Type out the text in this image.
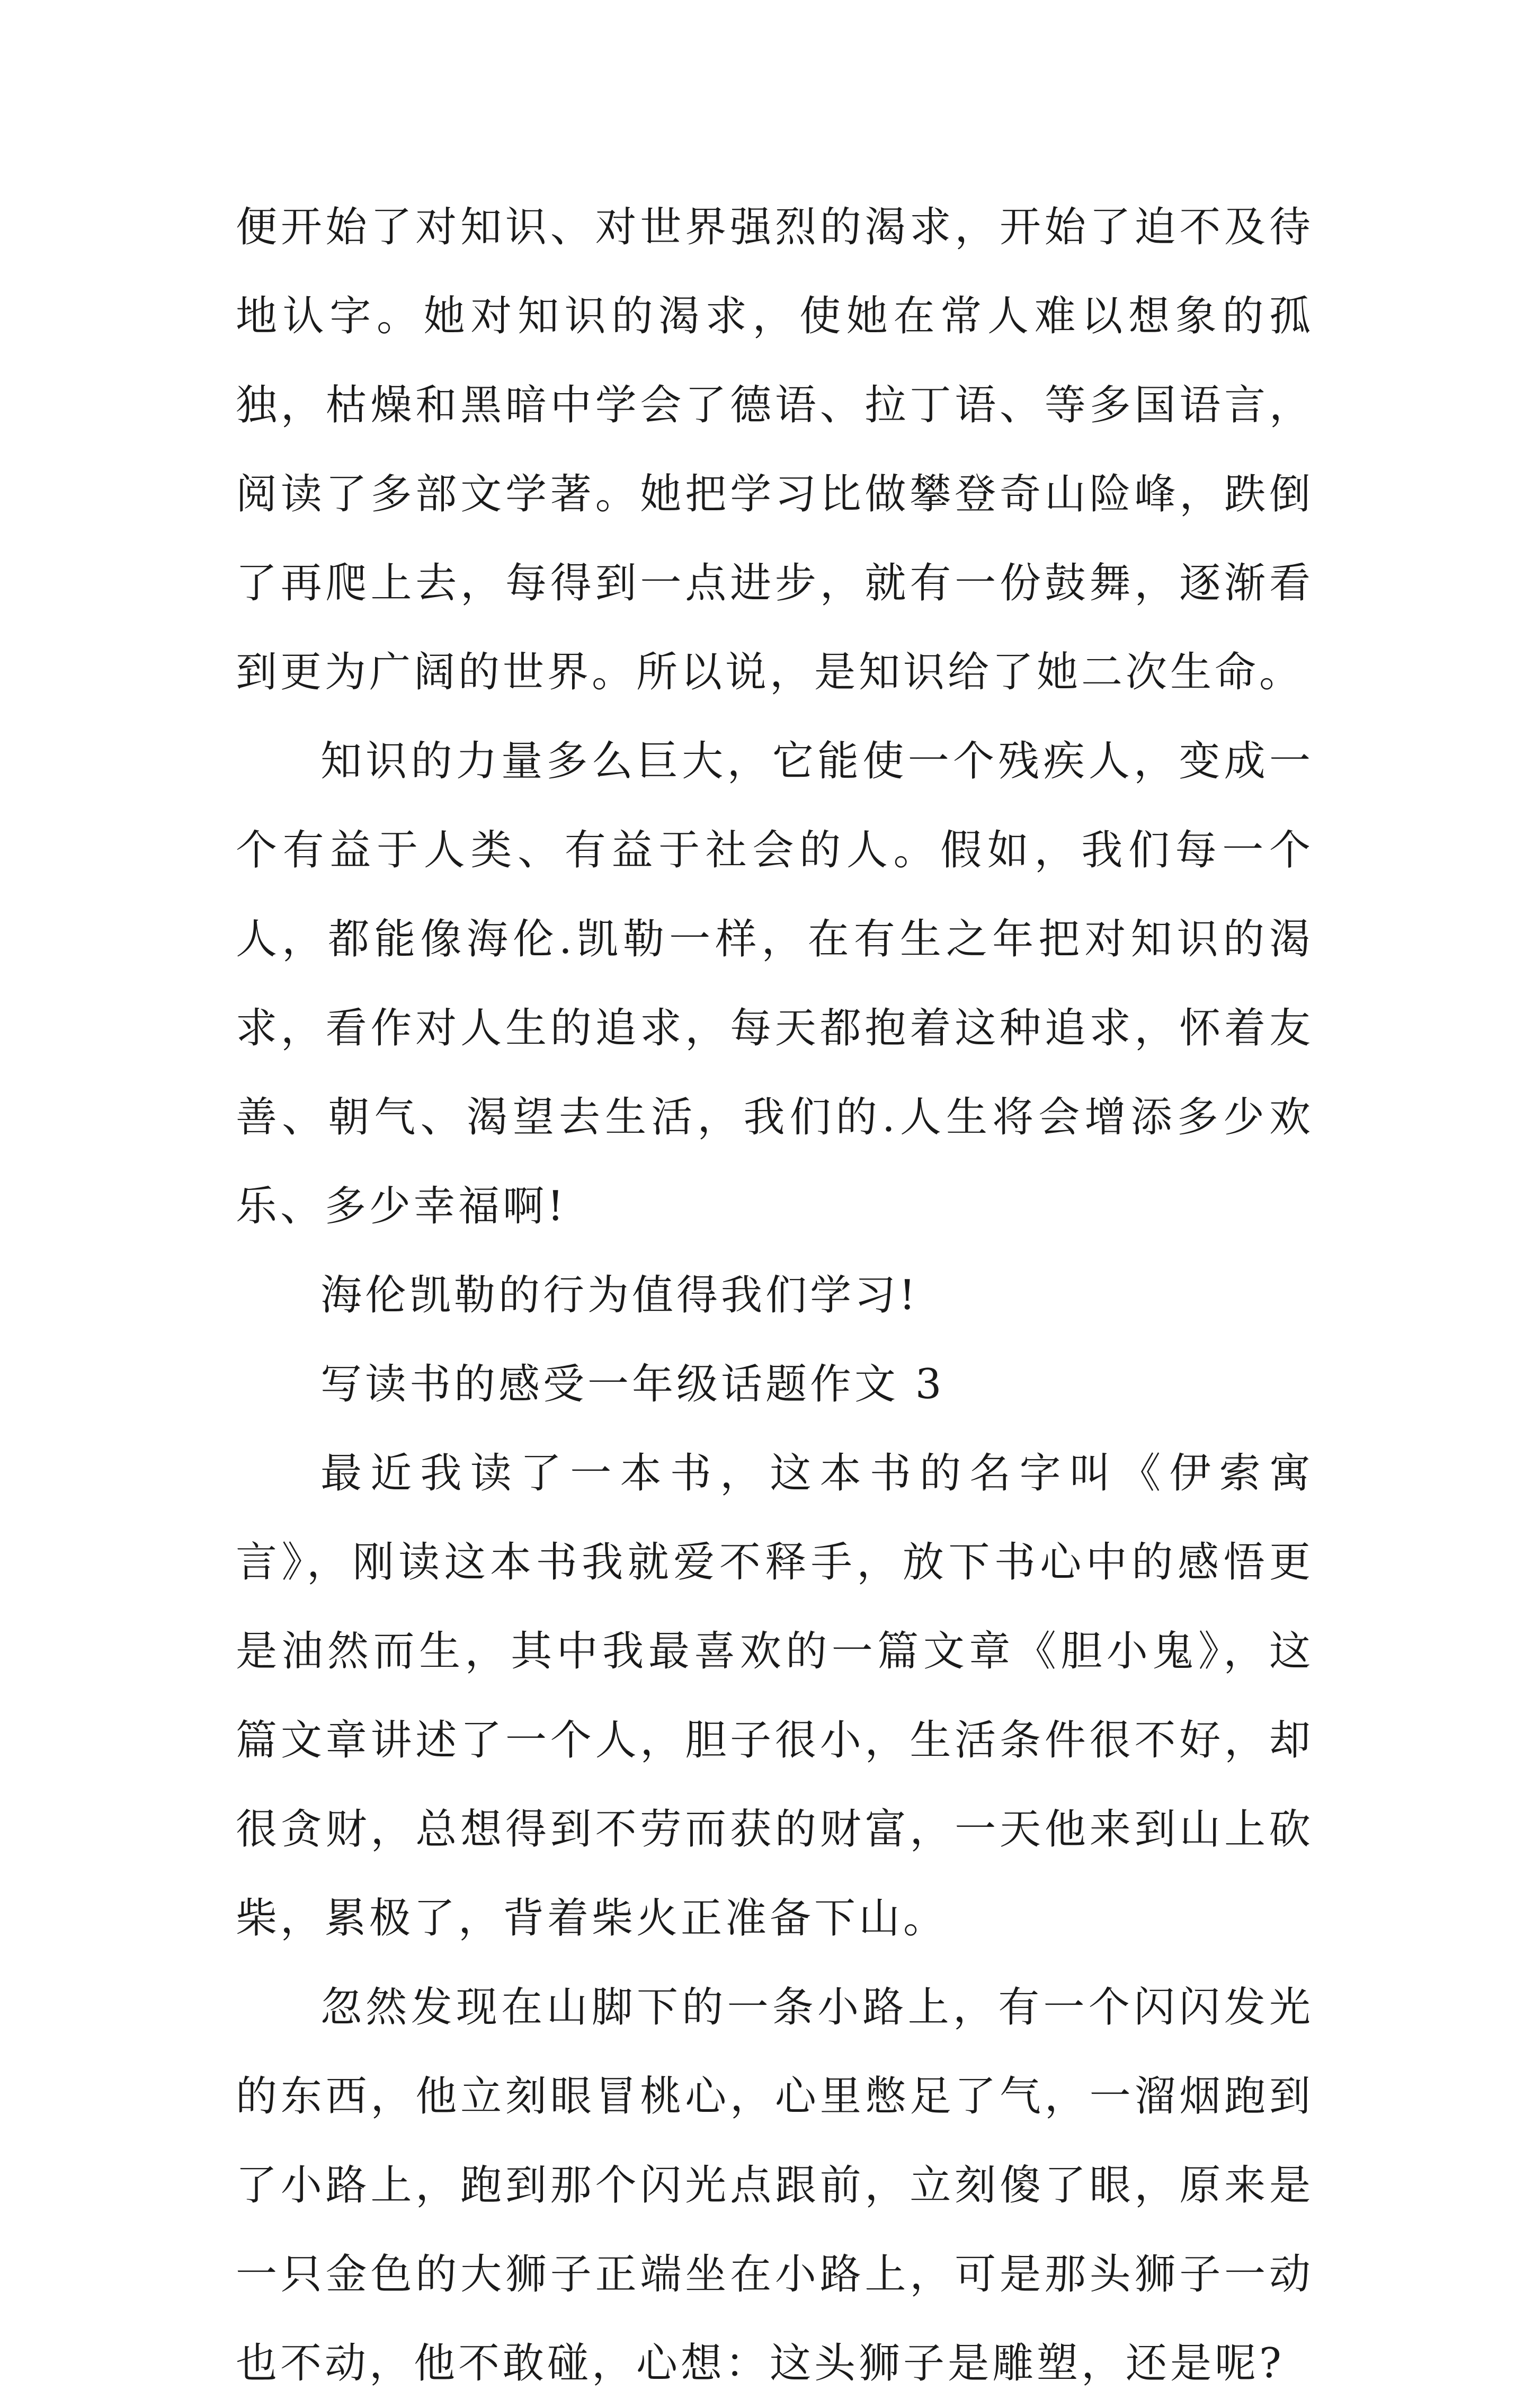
便开始了对知识、对世界强烈的渴求，开始了迫不及待地认字。她对知识的渴求，使她在常人难以想象的孤独，枯燥和黑暗中学会了德语、拉丁语、等多国语言，阅读了多部文学著。她把学习比做攀登奇山险峰，跌倒了再爬上去，每得到一点进步，就有一份鼓舞，逐渐看到更为广阔的世界。所以说，是知识给了她二次生命。

知识的力量多么巨大，它能使一个残疾人，变成一个有益于人类、有益于社会的人。假如，我们每一个人，都能像海伦.凯勒一样，在有生之年把对知识的渴求，看作对人生的追求，每天都抱着这种追求，怀着友善、朝气、渴望去生活，我们的.人生将会增添多少欢乐、多少幸福啊!

海伦凯勒的行为值得我们学习!

写读书的感受一年级话题作文 3

最近我读了一本书，这本书的名字叫《伊索寓言》，刚读这本书我就爱不释手，放下书心中的感悟更是油然而生，其中我最喜欢的一篇文章《胆小鬼》，这篇文章讲述了一个人，胆子很小，生活条件很不好，却很贪财，总想得到不劳而获的财富，一天他来到山上砍柴，累极了，背着柴火正准备下山。

忽然发现在山脚下的一条小路上，有一个闪闪发光的东西，他立刻眼冒桃心，心里憋足了气，一溜烟跑到了小路上，跑到那个闪光点跟前，立刻傻了眼，原来是一只金色的大狮子正端坐在小路上，可是那头狮子一动也不动，他不敢碰，心想：这头狮子是雕塑，还是呢?
